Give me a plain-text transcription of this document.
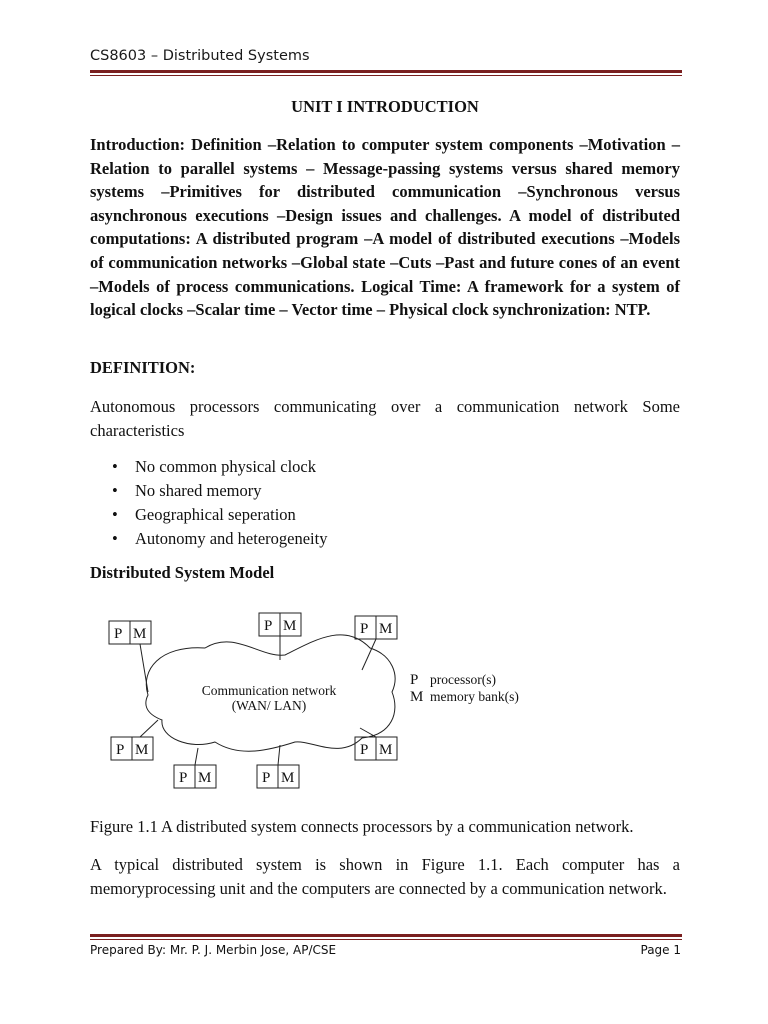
CS8603 – Distributed Systems
UNIT I INTRODUCTION

Introduction: Definition –Relation to computer system components –Motivation –Relation to parallel systems – Message-passing systems versus shared memory systems –Primitives for distributed communication –Synchronous versus asynchronous executions –Design issues and challenges. A model of distributed computations: A distributed program –A model of distributed executions –Models of communication networks –Global state –Cuts –Past and future cones of an event –Models of process communications. Logical Time: A framework for a system of logical clocks –Scalar time – Vector time – Physical clock synchronization: NTP.

DEFINITION:

Autonomous processors communicating over a communication network Some characteristics

• No common physical clock
• No shared memory
• Geographical seperation
• Autonomy and heterogeneity
Distributed System Model
P M	P M	P M
P M
P M	P M
P M
Communication network
(WAN/ LAN)
P processor(s)
M memory bank(s)
Figure 1.1 A distributed system connects processors by a communication network.

A typical distributed system is shown in Figure 1.1. Each computer has a memoryprocessing unit and the computers are connected by a communication network.

Prepared By: Mr. P. J. Merbin Jose, AP/CSE	Page 1
